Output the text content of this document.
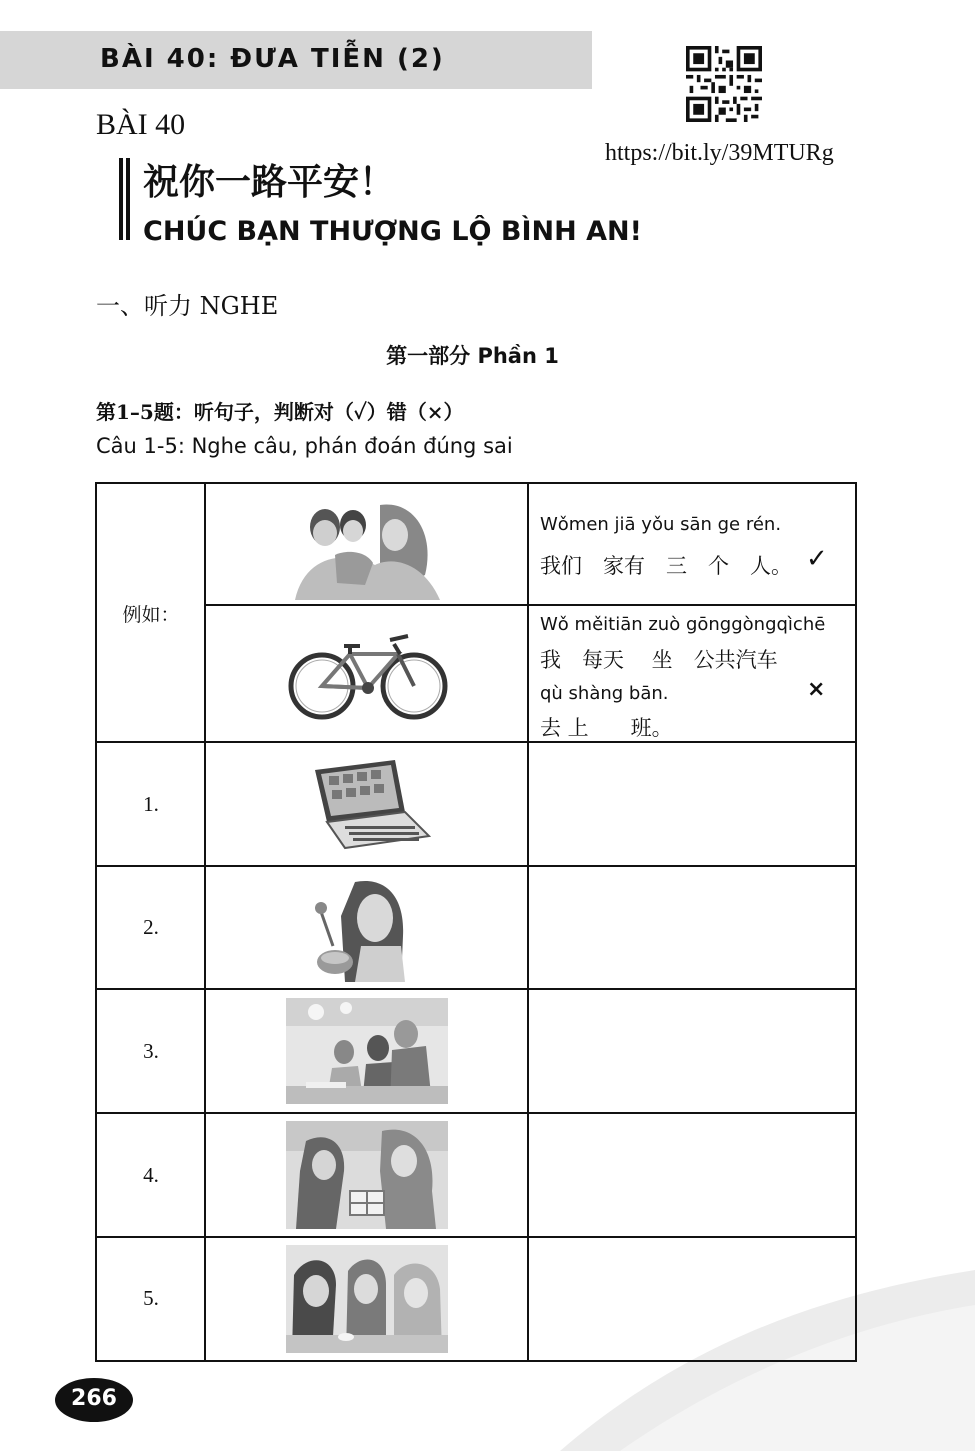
BÀI 40: ĐƯA TIỄN (2)
https://bit.ly/39MTURg
BÀI 40
祝你一路平安！
CHÚC BẠN THƯỢNG LỘ BÌNH AN!
一、听力 NGHE
第一部分 Phần 1
第1–5题：听句子，判断对（✓）错（×）
Câu 1-5: Nghe câu, phán đoán đúng sai
例如：
Wǒmen jiā yǒu sān ge rén.
我们　家有　三　个　人。 ✓
Wǒ měitiān zuò gōnggòngqìchē
我　每天　 坐　公共汽车
qù shàng bān.
去 上　　班。
×
1.
2.
3.
4.
5.
266
